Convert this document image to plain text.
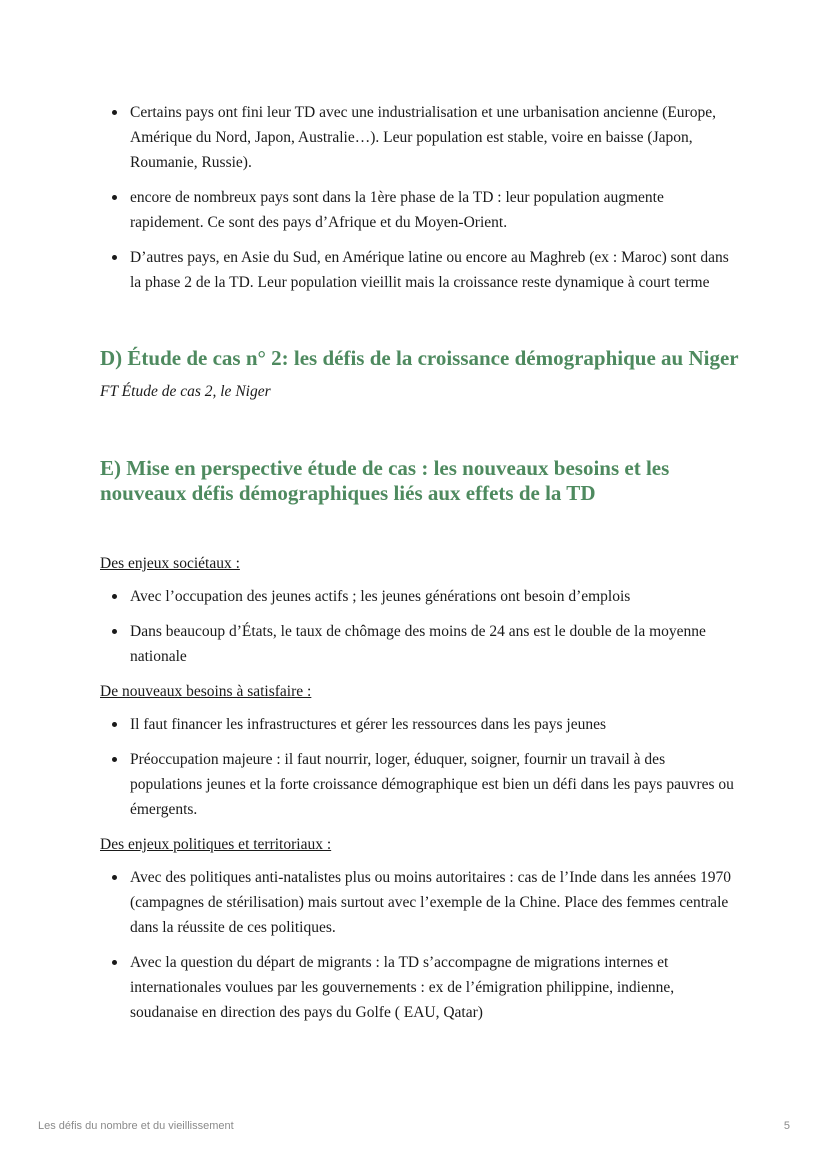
Certains pays ont fini leur TD avec une industrialisation et une urbanisation ancienne (Europe, Amérique du Nord, Japon, Australie…). Leur population est stable, voire en baisse (Japon, Roumanie, Russie).
encore de nombreux pays sont dans la 1ère phase de la TD : leur population augmente rapidement. Ce sont des pays d’Afrique et du Moyen-Orient.
D’autres pays, en Asie du Sud, en Amérique latine ou encore au Maghreb (ex : Maroc) sont dans la phase 2 de la TD. Leur population vieillit mais la croissance reste dynamique à court terme
D) Étude de cas n° 2: les défis de la croissance démographique au Niger
FT Étude de cas 2, le Niger
E) Mise en perspective étude de cas : les nouveaux besoins et les nouveaux défis démographiques liés aux effets de la TD

Des enjeux sociétaux :

Avec l’occupation des jeunes actifs ; les jeunes générations ont besoin d’emplois
Dans beaucoup d’États, le taux de chômage des moins de 24 ans est le double de la moyenne nationale

De nouveaux besoins à satisfaire :

Il faut financer les infrastructures et gérer les ressources dans les pays jeunes
Préoccupation majeure : il faut nourrir, loger, éduquer, soigner, fournir un travail à des populations jeunes et la forte croissance démographique est bien un défi dans les pays pauvres ou émergents.

Des enjeux politiques et territoriaux :

Avec des politiques anti-natalistes plus ou moins autoritaires : cas de l’Inde dans les années 1970 (campagnes de stérilisation) mais surtout avec l’exemple de la Chine. Place des femmes centrale dans la réussite de ces politiques.
Avec la question du départ de migrants : la TD s’accompagne de migrations internes et internationales voulues par les gouvernements : ex de l’émigration philippine, indienne, soudanaise en direction des pays du Golfe ( EAU, Qatar)
Les défis du nombre et du vieillissement	5
